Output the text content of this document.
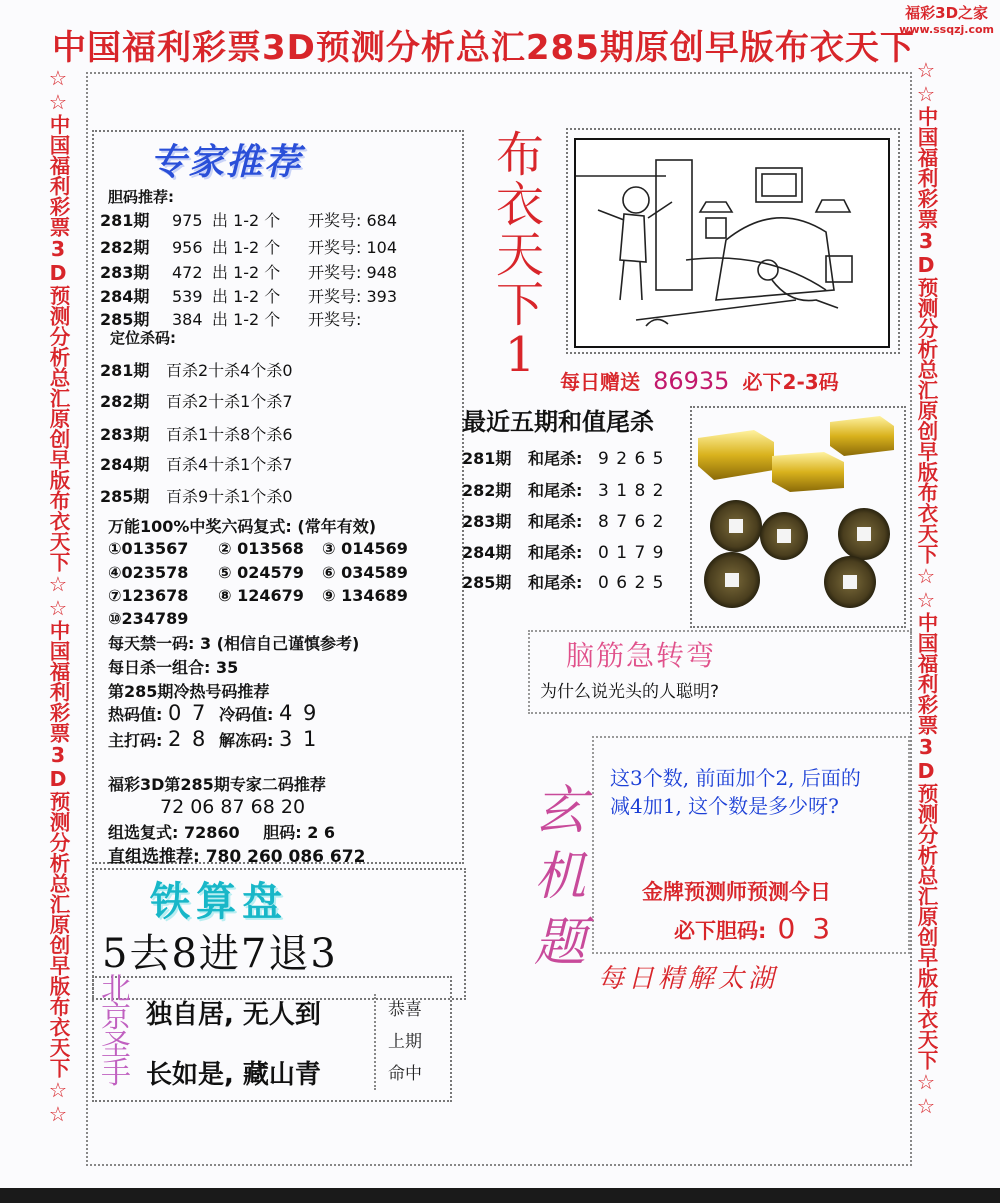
中国福利彩票3D预测分析总汇285期原创早版布衣天下
福彩3D之家
www.ssqzj.com
☆☆中国福利彩票3D预测分析总汇原创早版布衣天下☆☆中国福利彩票3D预测分析总汇原创早版布衣天下☆☆	☆☆中国福利彩票3D预测分析总汇原创早版布衣天下☆☆中国福利彩票3D预测分析总汇原创早版布衣天下☆☆
专家推荐
胆码推荐:
281期 975 出 1-2 个 开奖号: 684
282期 956 出 1-2 个 开奖号: 104
283期 472 出 1-2 个 开奖号: 948
284期 539 出 1-2 个 开奖号: 393
285期 384 出 1-2 个 开奖号:
定位杀码:
281期 百杀2十杀4个杀0
282期 百杀2十杀1个杀7
283期 百杀1十杀8个杀6
284期 百杀4十杀1个杀7
285期 百杀9十杀1个杀0
万能100%中奖六码复式: (常年有效)
①013567 ② 013568 ③ 014569
④023578 ⑤ 024579 ⑥ 034589
⑦123678 ⑧ 124679 ⑨ 134689
⑩234789
每天禁一码: 3 (相信自己谨慎参考)
每日杀一组合: 35
第285期冷热号码推荐
热码值: 0 7 冷码值: 4 9
主打码: 2 8 解冻码: 3 1
福彩3D第285期专家二码推荐
72 06 87 68 20
组选复式: 72860 胆码: 2 6
直组选推荐: 780 260 086 672
布衣天下1	每日赠送 86935 必下2-3码
最近五期和值尾杀
281期 和尾杀: 9 2 6 5
282期 和尾杀: 3 1 8 2
283期 和尾杀: 8 7 6 2
284期 和尾杀: 0 1 7 9
285期 和尾杀: 0 6 2 5
脑筋急转弯
为什么说光头的人聪明?
玄机题
这3个数, 前面加个2, 后面的减4加1, 这个数是多少呀?
金牌预测师预测今日
必下胆码: 0 3
每日精解太湖
铁算盘
5去8进7退3
北京圣手
独自居, 无人到
长如是, 藏山青
恭喜
上期
命中
